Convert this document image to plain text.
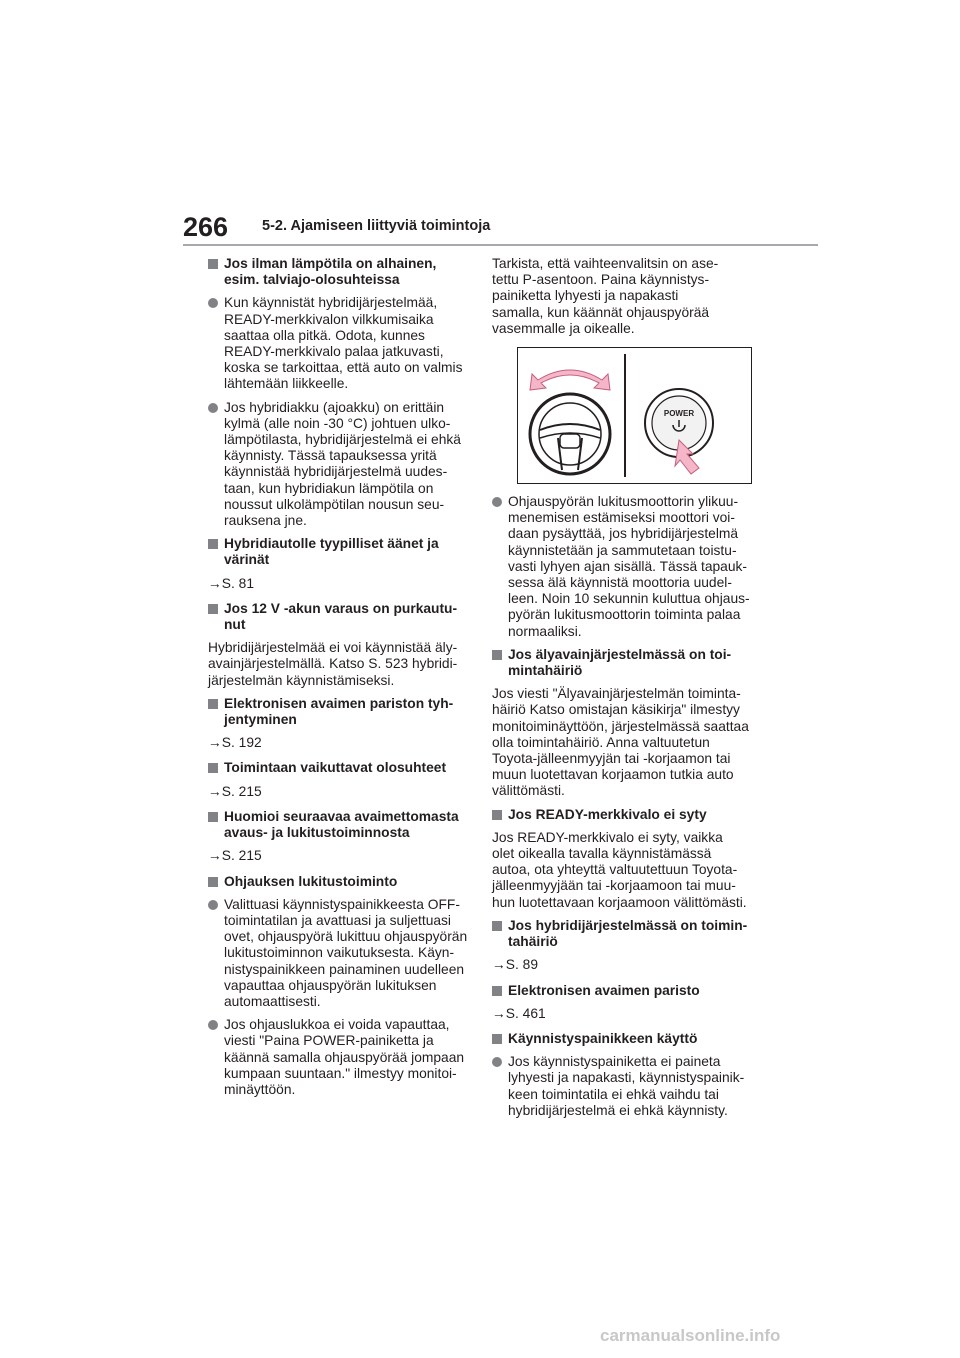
266 5-2. Ajamiseen liittyviä toimintoja
Jos ilman lämpötila on alhainen,
esim. talviajo-olosuhteissa
Kun käynnistät hybridijärjestelmää,
READY-merkkivalon vilkkumisaika
saattaa olla pitkä. Odota, kunnes
READY-merkkivalo palaa jatkuvasti,
koska se tarkoittaa, että auto on valmis
lähtemään liikkeelle.
Jos hybridiakku (ajoakku) on erittäin
kylmä (alle noin -30 °C) johtuen ulko-
lämpötilasta, hybridijärjestelmä ei ehkä
käynnisty. Tässä tapauksessa yritä
käynnistää hybridijärjestelmä uudes-
taan, kun hybridiakun lämpötila on
noussut ulkolämpötilan nousun seu-
rauksena jne.
Hybridiautolle tyypilliset äänet ja
värinät
→S. 81
Jos 12 V -akun varaus on purkautu-
nut
Hybridijärjestelmää ei voi käynnistää äly-
avainjärjestelmällä. Katso S. 523 hybridi-
järjestelmän käynnistämiseksi.
Elektronisen avaimen pariston tyh-
jentyminen
→S. 192
Toimintaan vaikuttavat olosuhteet
→S. 215
Huomioi seuraavaa avaimettomasta
avaus- ja lukitustoiminnosta
→S. 215
Ohjauksen lukitustoiminto
Valittuasi käynnistyspainikkeesta OFF-
toimintatilan ja avattuasi ja suljettuasi
ovet, ohjauspyörä lukittuu ohjauspyörän
lukitustoiminnon vaikutuksesta. Käyn-
nistyspainikkeen painaminen uudelleen
vapauttaa ohjauspyörän lukituksen
automaattisesti.
Jos ohjauslukkoa ei voida vapauttaa,
viesti "Paina POWER-painiketta ja
käännä samalla ohjauspyörää jompaan
kumpaan suuntaan." ilmestyy monitoi-
minäyttöön.
Tarkista, että vaihteenvalitsin on ase-
tettu P-asentoon. Paina käynnistys-
painiketta lyhyesti ja napakasti
samalla, kun käännät ohjauspyörää
vasemmalle ja oikealle.
POWER
Ohjauspyörän lukitusmoottorin ylikuu-
menemisen estämiseksi moottori voi-
daan pysäyttää, jos hybridijärjestelmä
käynnistetään ja sammutetaan toistu-
vasti lyhyen ajan sisällä. Tässä tapauk-
sessa älä käynnistä moottoria uudel-
leen. Noin 10 sekunnin kuluttua ohjaus-
pyörän lukitusmoottorin toiminta palaa
normaaliksi.
Jos älyavainjärjestelmässä on toi-
mintahäiriö
Jos viesti "Älyavainjärjestelmän toiminta-
häiriö Katso omistajan käsikirja" ilmestyy
monitoiminäyttöön, järjestelmässä saattaa
olla toimintahäiriö. Anna valtuutetun
Toyota-jälleenmyyjän tai -korjaamon tai
muun luotettavan korjaamon tutkia auto
välittömästi.
Jos READY-merkkivalo ei syty
Jos READY-merkkivalo ei syty, vaikka
olet oikealla tavalla käynnistämässä
autoa, ota yhteyttä valtuutettuun Toyota-
jälleenmyyjään tai -korjaamoon tai muu-
hun luotettavaan korjaamoon välittömästi.
Jos hybridijärjestelmässä on toimin-
tahäiriö
→S. 89
Elektronisen avaimen paristo
→S. 461
Käynnistyspainikkeen käyttö
Jos käynnistyspainiketta ei paineta
lyhyesti ja napakasti, käynnistyspainik-
keen toimintatila ei ehkä vaihdu tai
hybridijärjestelmä ei ehkä käynnisty.
carmanualsonline.info
